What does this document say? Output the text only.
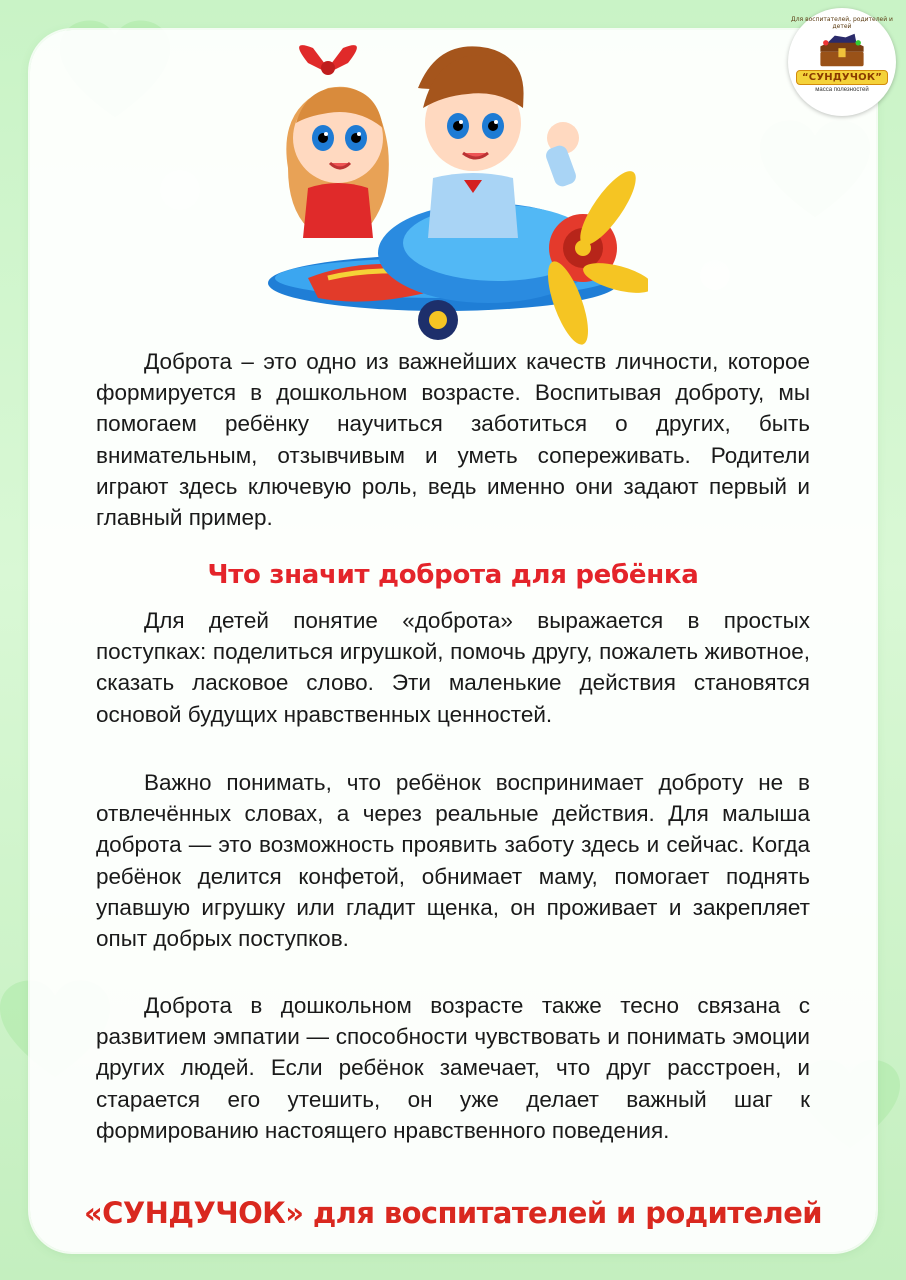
Для воспитателей, родителей и детей
“СУНДУЧОК”
масса полезностей

Доброта – это одно из важнейших качеств личности, которое формируется в дошкольном возрасте. Воспитывая доброту, мы помогаем ребёнку научиться заботиться о других, быть внимательным, отзывчивым и уметь сопереживать. Родители играют здесь ключевую роль, ведь именно они задают первый и главный пример.

Что значит доброта для ребёнка

Для детей понятие «доброта» выражается в простых поступках: поделиться игрушкой, помочь другу, пожалеть животное, сказать ласковое слово. Эти маленькие действия становятся основой будущих нравственных ценностей.

Важно понимать, что ребёнок воспринимает доброту не в отвлечённых словах, а через реальные действия. Для малыша доброта — это возможность проявить заботу здесь и сейчас. Когда ребёнок делится конфетой, обнимает маму, помогает поднять упавшую игрушку или гладит щенка, он проживает и закрепляет опыт добрых поступков.

Доброта в дошкольном возрасте также тесно связана с развитием эмпатии — способности чувствовать и понимать эмоции других людей. Если ребёнок замечает, что друг расстроен, и старается его утешить, он уже делает важный шаг к формированию настоящего нравственного поведения.

«СУНДУЧОК» для воспитателей и родителей
